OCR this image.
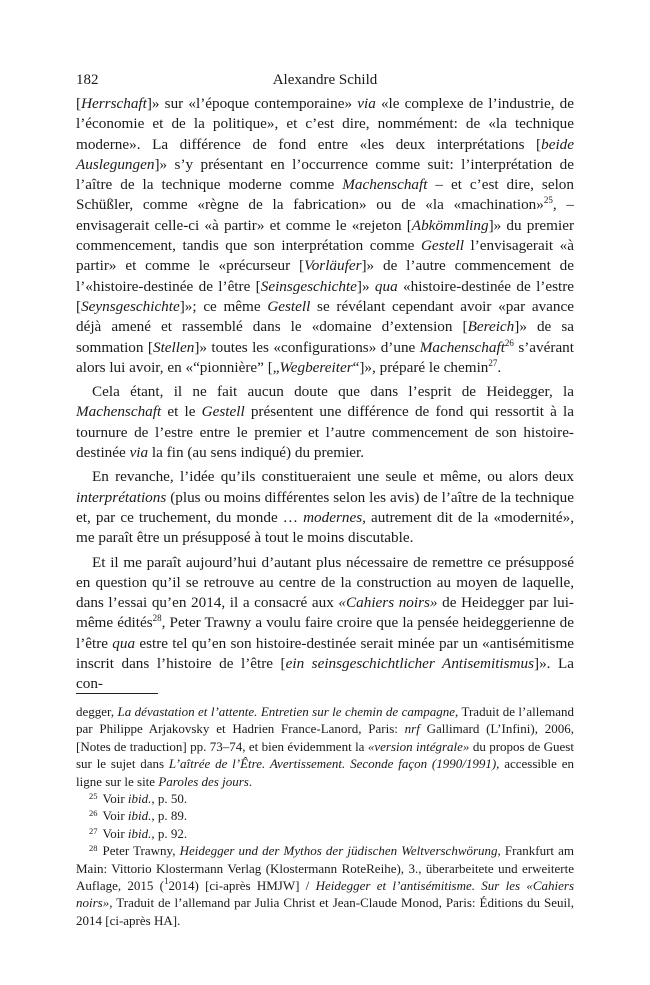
182	Alexandre Schild

[Herrschaft]» sur «l’époque contemporaine» via «le complexe de l’industrie, de l’économie et de la politique», et c’est dire, nommément: de «la technique moderne». La différence de fond entre «les deux interprétations [beide Auslegungen]» s’y présentant en l’occurrence comme suit: l’interprétation de l’aître de la technique moderne comme Machenschaft – et c’est dire, selon Schüßler, comme «règne de la fabrication» ou de «la «machination»$^{25}$, – envisagerait celle-ci «à partir» et comme le «rejeton [Abkömmling]» du premier commencement, tandis que son interprétation comme Gestell l’envisagerait «à partir» et comme le «précurseur [Vorläufer]» de l’autre commencement de l’«histoire-destinée de l’être [Seinsgeschichte]» qua «histoire-destinée de l’estre [Seynsgeschichte]»; ce même Gestell se révélant cependant avoir «par avance déjà amené et rassemblé dans le «domaine d’extension [Bereich]» de sa sommation [Stellen]» toutes les «configurations» d’une Machenschaft$^{26}$ s’avérant alors lui avoir, en «“pionnière” [„Wegbereiter“]», préparé le chemin$^{27}$.

Cela étant, il ne fait aucun doute que dans l’esprit de Heidegger, la Machenschaft et le Gestell présentent une différence de fond qui ressortit à la tournure de l’estre entre le premier et l’autre commencement de son histoire-destinée via la fin (au sens indiqué) du premier.

En revanche, l’idée qu’ils constitueraient une seule et même, ou alors deux interprétations (plus ou moins différentes selon les avis) de l’aître de la technique et, par ce truchement, du monde … modernes, autrement dit de la «modernité», me paraît être un présupposé à tout le moins discutable.

Et il me paraît aujourd’hui d’autant plus nécessaire de remettre ce présupposé en question qu’il se retrouve au centre de la construction au moyen de laquelle, dans l’essai qu’en 2014, il a consacré aux «Cahiers noirs» de Heidegger par lui-même édités$^{28}$, Peter Trawny a voulu faire croire que la pensée heideggerienne de l’être qua estre tel qu’en son histoire-destinée serait minée par un «antisémitisme inscrit dans l’histoire de l’être [ein seinsgeschichtlicher Antisemitismus]». La con-

degger, La dévastation et l’attente. Entretien sur le chemin de campagne, Traduit de l’allemand par Philippe Arjakovsky et Hadrien France-Lanord, Paris: nrf Gallimard (L’Infini), 2006, [Notes de traduction] pp. 73–74, et bien évidemment la «version intégrale» du propos de Guest sur le sujet dans L’aîtrée de l’Être. Avertissement. Seconde façon (1990/1991), accessible en ligne sur le site Paroles des jours.

$^{25}$ Voir ibid., p. 50.

$^{26}$ Voir ibid., p. 89.

$^{27}$ Voir ibid., p. 92.

$^{28}$ Peter Trawny, Heidegger und der Mythos der jüdischen Weltverschwörung, Frankfurt am Main: Vittorio Klostermann Verlag (Klostermann RoteReihe), 3., überarbeitete und erweiterte Auflage, 2015 ($^1$2014) [ci-après HMJW] / Heidegger et l’antisémitisme. Sur les «Cahiers noirs», Traduit de l’allemand par Julia Christ et Jean-Claude Monod, Paris: Éditions du Seuil, 2014 [ci-après HA].
